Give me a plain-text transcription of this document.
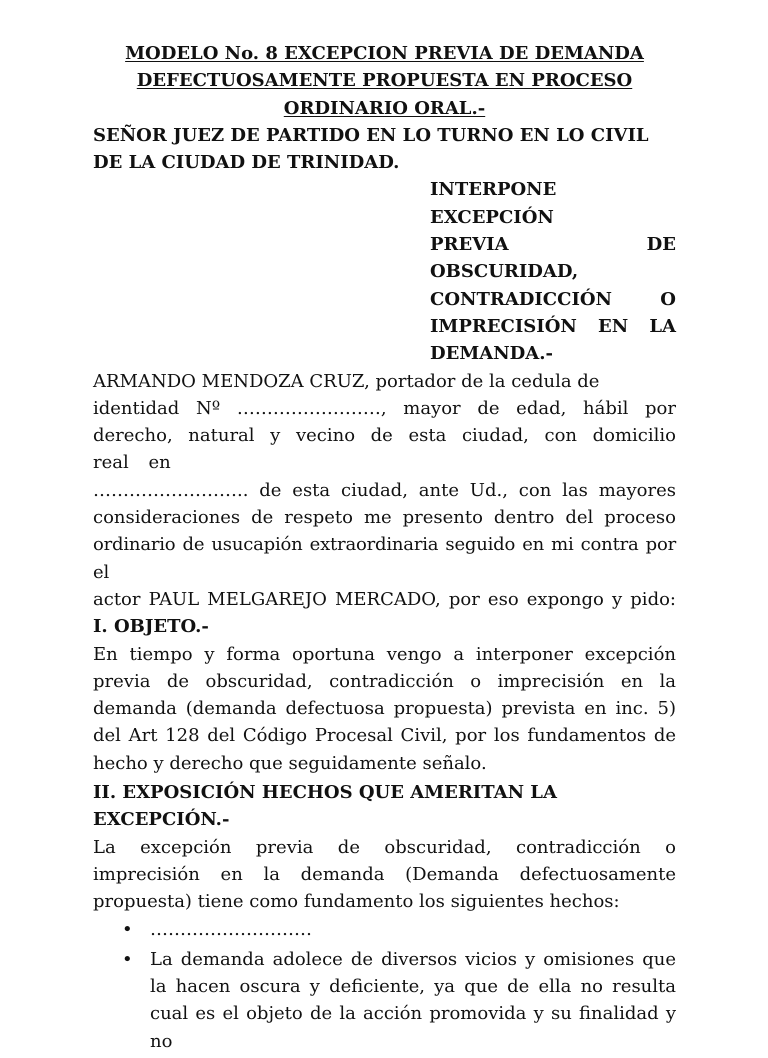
MODELO No. 8 EXCEPCION PREVIA DE DEMANDA
DEFECTUOSAMENTE PROPUESTA EN PROCESO
ORDINARIO ORAL.-
SEÑOR JUEZ DE PARTIDO EN LO TURNO EN LO CIVIL DE LA CIUDAD DE TRINIDAD.
INTERPONE EXCEPCIÓN
PREVIA DE
OBSCURIDAD,
CONTRADICCIÓN O
IMPRECISIÓN EN LA
DEMANDA.-
ARMANDO MENDOZA CRUZ, portador de la cedula de
identidad Nº ……………………, mayor de edad, hábil por
derecho, natural y vecino de esta ciudad, con domicilio
real en
…………………….. de esta ciudad, ante Ud., con las mayores
consideraciones de respeto me presento dentro del proceso
ordinario de usucapión extraordinaria seguido en mi contra por el
actor PAUL MELGAREJO MERCADO, por eso expongo y pido:
I. OBJETO.-
En tiempo y forma oportuna vengo a interponer excepción previa de obscuridad, contradicción o imprecisión en la demanda (demanda defectuosa propuesta) prevista en inc. 5) del Art 128 del Código Procesal Civil, por los fundamentos de hecho y derecho que seguidamente señalo.
II. EXPOSICIÓN HECHOS QUE AMERITAN LA EXCEPCIÓN.-
La excepción previa de obscuridad, contradicción o imprecisión en la demanda (Demanda defectuosamente propuesta) tiene como fundamento los siguientes hechos:
• ………………………
• La demanda adolece de diversos vicios y omisiones que la hacen oscura y deficiente, ya que de ella no resulta cual es el objeto de la acción promovida y su finalidad y no
